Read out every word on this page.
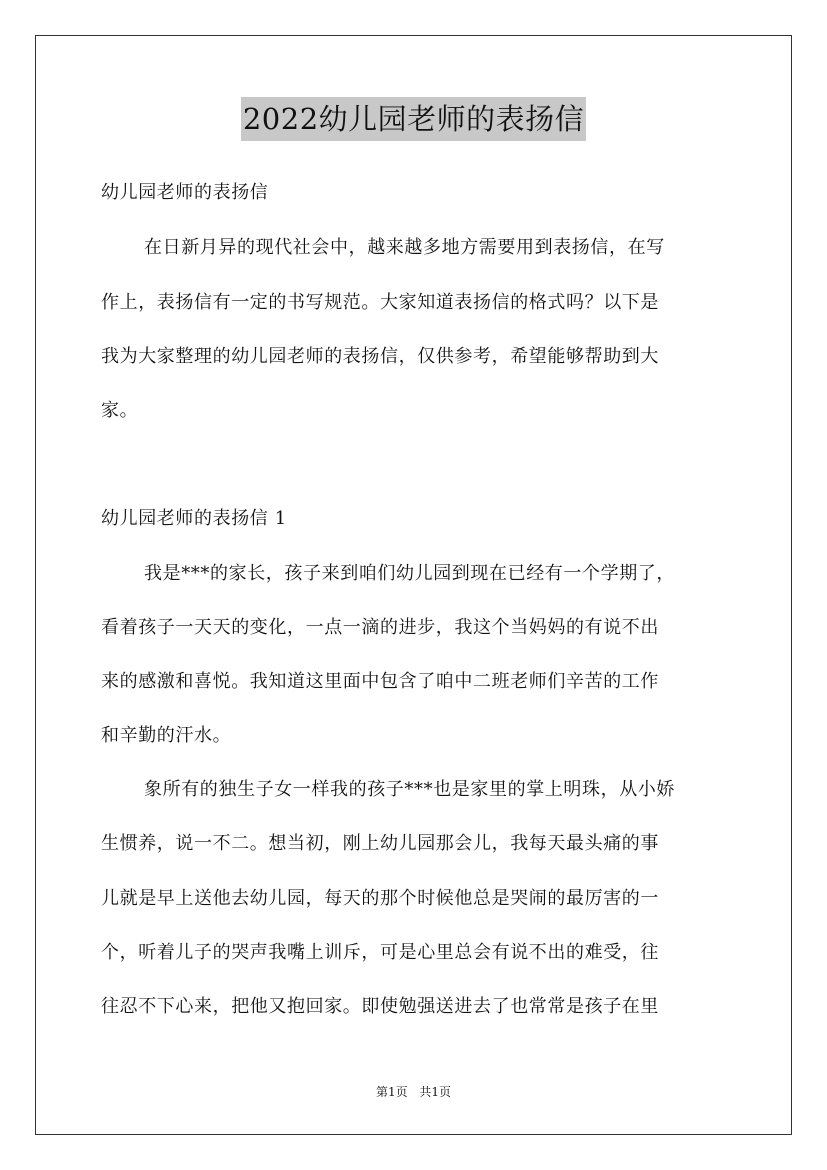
2022幼儿园老师的表扬信
幼儿园老师的表扬信
在日新月异的现代社会中，越来越多地方需要用到表扬信，在写
作上，表扬信有一定的书写规范。大家知道表扬信的格式吗？以下是
我为大家整理的幼儿园老师的表扬信，仅供参考，希望能够帮助到大
家。
幼儿园老师的表扬信 1
我是***的家长，孩子来到咱们幼儿园到现在已经有一个学期了，
看着孩子一天天的变化，一点一滴的进步，我这个当妈妈的有说不出
来的感激和喜悦。我知道这里面中包含了咱中二班老师们辛苦的工作
和辛勤的汗水。
象所有的独生子女一样我的孩子***也是家里的掌上明珠，从小娇
生惯养，说一不二。想当初，刚上幼儿园那会儿，我每天最头痛的事
儿就是早上送他去幼儿园，每天的那个时候他总是哭闹的最厉害的一
个，听着儿子的哭声我嘴上训斥，可是心里总会有说不出的难受，往
往忍不下心来，把他又抱回家。即使勉强送进去了也常常是孩子在里
第1页 共1页
